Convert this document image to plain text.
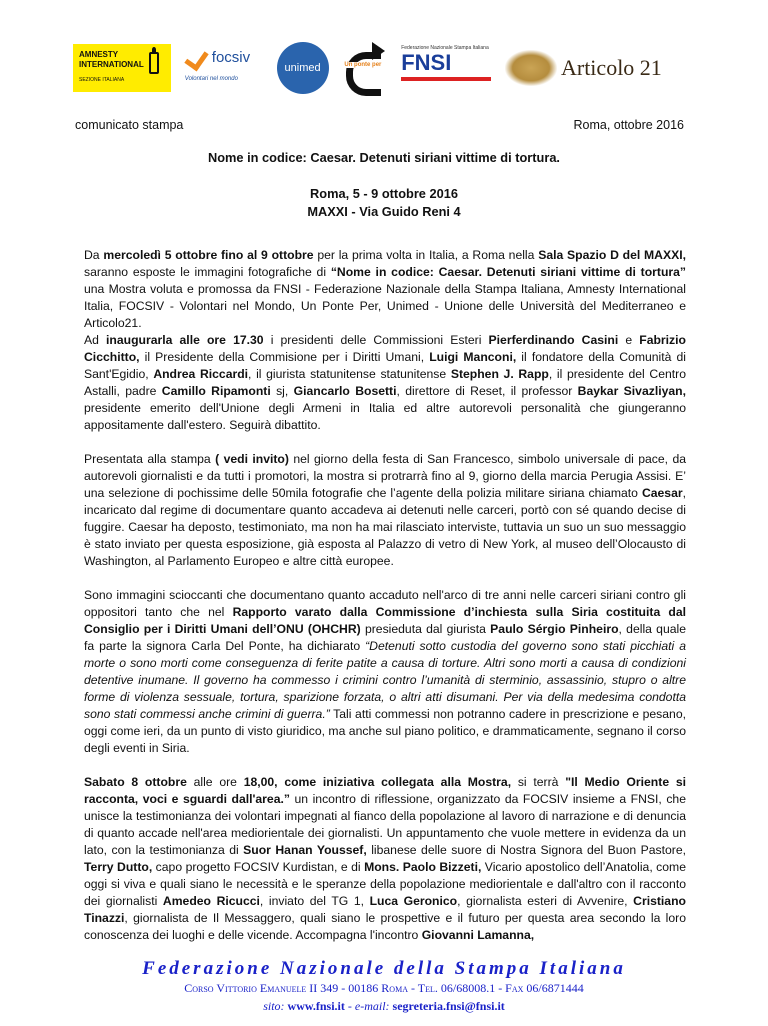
AMNESTY
INTERNATIONAL
SEZIONE ITALIANA
focsiv
Volontari nel mondo
unimed	Un ponte per
Federazione Nazionale Stampa Italiana
FNSI	Articolo 21
comunicato stampa	Roma, ottobre 2016
Nome in codice: Caesar. Detenuti siriani vittime di tortura.
Roma, 5 - 9 ottobre 2016
MAXXI - Via Guido Reni 4

Da mercoledì 5 ottobre fino al 9 ottobre per la prima volta in Italia, a Roma nella Sala Spazio D del MAXXI, saranno esposte le immagini fotografiche di “Nome in codice: Caesar. Detenuti siriani vittime di tortura” una Mostra voluta e promossa da FNSI - Federazione Nazionale della Stampa Italiana, Amnesty International Italia, FOCSIV - Volontari nel Mondo, Un Ponte Per, Unimed - Unione delle Università del Mediterraneo e Articolo21.

Ad inaugurarla alle ore 17.30 i presidenti delle Commissioni Esteri Pierferdinando Casini e Fabrizio Cicchitto, il Presidente della Commisione per i Diritti Umani, Luigi Manconi, il fondatore della Comunità di Sant'Egidio, Andrea Riccardi, il giurista statunitense statunitense Stephen J. Rapp, il presidente del Centro Astalli, padre Camillo Ripamonti sj, Giancarlo Bosetti, direttore di Reset, il professor Baykar Sivazliyan, presidente emerito dell'Unione degli Armeni in Italia ed altre autorevoli personalità che giungeranno appositamente dall'estero. Seguirà dibattito.

Presentata alla stampa ( vedi invito) nel giorno della festa di San Francesco, simbolo universale di pace, da autorevoli giornalisti e da tutti i promotori, la mostra si protrarrà fino al 9, giorno della marcia Perugia Assisi. E’ una selezione di pochissime delle 50mila fotografie che l’agente della polizia militare siriana chiamato Caesar, incaricato dal regime di documentare quanto accadeva ai detenuti nelle carceri, portò con sé quando decise di fuggire. Caesar ha deposto, testimoniato, ma non ha mai rilasciato interviste, tuttavia un suo un suo messaggio è stato inviato per questa esposizione, già esposta al Palazzo di vetro di New York, al museo dell’Olocausto di Washington, al Parlamento Europeo e altre città europee.

Sono immagini scioccanti che documentano quanto accaduto nell'arco di tre anni nelle carceri siriani contro gli oppositori tanto che nel Rapporto varato dalla Commissione d’inchiesta sulla Siria costituita dal Consiglio per i Diritti Umani dell’ONU (OHCHR) presieduta dal giurista Paulo Sérgio Pinheiro, della quale fa parte la signora Carla Del Ponte, ha dichiarato “Detenuti sotto custodia del governo sono stati picchiati a morte o sono morti come conseguenza di ferite patite a causa di torture. Altri sono morti a causa di condizioni detentive inumane. Il governo ha commesso i crimini contro l’umanità di sterminio, assassinio, stupro o altre forme di violenza sessuale, tortura, sparizione forzata, o altri atti disumani. Per via della medesima condotta sono stati commessi anche crimini di guerra.” Tali atti commessi non potranno cadere in prescrizione e pesano, oggi come ieri, da un punto di visto giuridico, ma anche sul piano politico, e drammaticamente, segnano il corso degli eventi in Siria.

Sabato 8 ottobre alle ore 18,00, come iniziativa collegata alla Mostra, si terrà "Il Medio Oriente si racconta, voci e sguardi dall'area.” un incontro di riflessione, organizzato da FOCSIV insieme a FNSI, che unisce la testimonianza dei volontari impegnati al fianco della popolazione al lavoro di narrazione e di denuncia di quanto accade nell'area mediorientale dei giornalisti. Un appuntamento che vuole mettere in evidenza da un lato, con la testimonianza di Suor Hanan Youssef, libanese delle suore di Nostra Signora del Buon Pastore, Terry Dutto, capo progetto FOCSIV Kurdistan, e di Mons. Paolo Bizzeti, Vicario apostolico dell’Anatolia, come oggi si viva e quali siano le necessità e le speranze della popolazione mediorientale e dall'altro con il racconto dei giornalisti Amedeo Ricucci, inviato del TG 1, Luca Geronico, giornalista esteri di Avvenire, Cristiano Tinazzi, giornalista de Il Messaggero, quali siano le prospettive e il futuro per questa area secondo la loro conoscenza dei luoghi e delle vicende. Accompagna l'incontro Giovanni Lamanna,

Federazione Nazionale della Stampa Italiana
Corso Vittorio Emanuele II 349 - 00186 Roma - Tel. 06/68008.1 - Fax 06/6871444
sito: www.fnsi.it - e-mail: segreteria.fnsi@fnsi.it
